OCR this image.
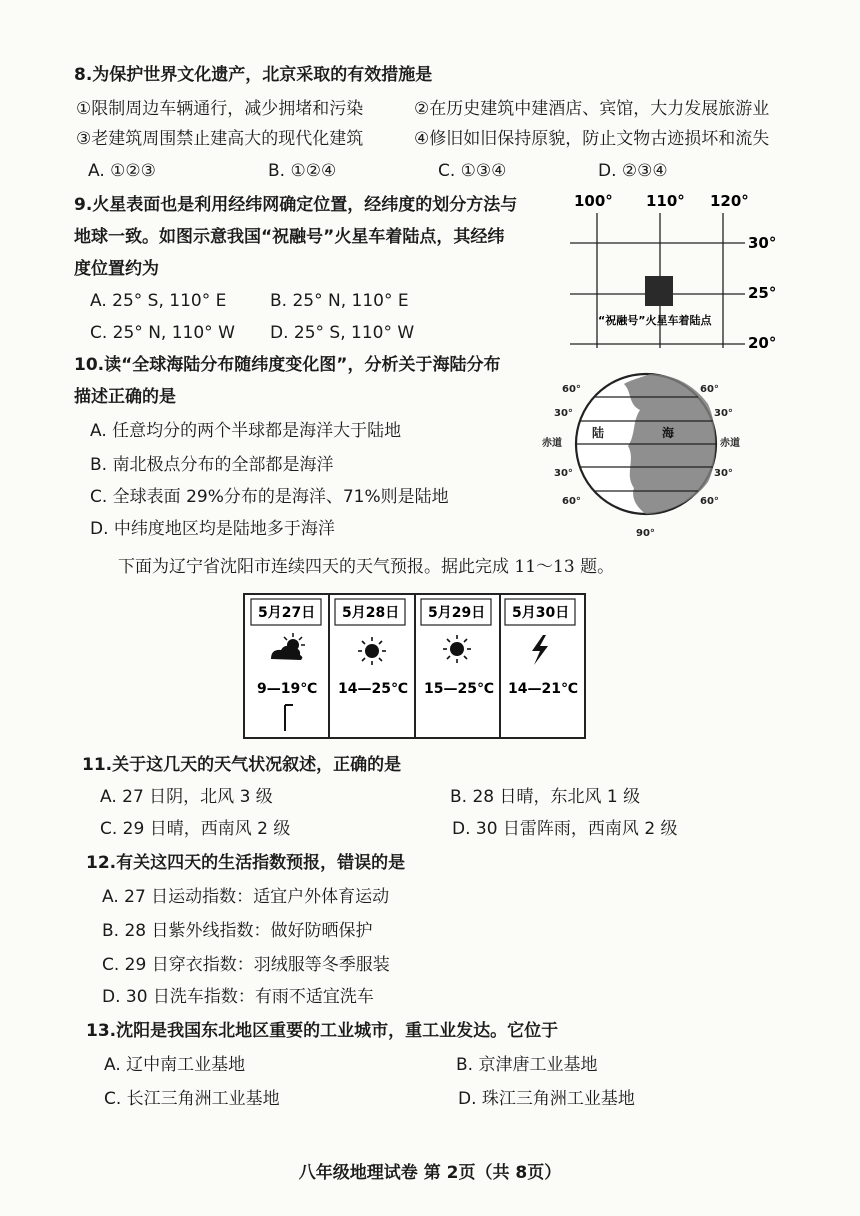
8.为保护世界文化遗产，北京采取的有效措施是
①限制周边车辆通行，减少拥堵和污染	②在历史建筑中建酒店、宾馆，大力发展旅游业
③老建筑周围禁止建高大的现代化建筑	④修旧如旧保持原貌，防止文物古迹损坏和流失
A. ①②③	B. ①②④	C. ①③④	D. ②③④
9.火星表面也是利用经纬网确定位置，经纬度的划分方法与
地球一致。如图示意我国“祝融号”火星车着陆点，其经纬
度位置约为
A. 25° S, 110° E	B. 25° N, 110° E
C. 25° N, 110° W D. 25° S, 110° W
100° 110° 120°
30°
25°
20°
“祝融号”火星车着陆点
10.读“全球海陆分布随纬度变化图”，分析关于海陆分布
描述正确的是
A. 任意均分的两个半球都是海洋大于陆地
B. 南北极点分布的全部都是海洋
C. 全球表面 29%分布的是海洋、71%则是陆地
D. 中纬度地区均是陆地多于海洋
60°
30°
赤道
30°
60°
60°
30°
赤道
30°
60°
90°
陆	海
下面为辽宁省沈阳市连续四天的天气预报。据此完成 11～13 题。
5月27日 5月28日 5月29日 5月30日
9—19℃ 14—25℃ 15—25℃ 14—21℃
11.关于这几天的天气状况叙述，正确的是
A. 27 日阴，北风 3 级	B. 28 日晴，东北风 1 级
C. 29 日晴，西南风 2 级	D. 30 日雷阵雨，西南风 2 级
12.有关这四天的生活指数预报，错误的是
A. 27 日运动指数：适宜户外体育运动
B. 28 日紫外线指数：做好防晒保护
C. 29 日穿衣指数：羽绒服等冬季服装
D. 30 日洗车指数：有雨不适宜洗车
13.沈阳是我国东北地区重要的工业城市，重工业发达。它位于
A. 辽中南工业基地	B. 京津唐工业基地
C. 长江三角洲工业基地	D. 珠江三角洲工业基地
八年级地理试卷 第 2页（共 8页）
